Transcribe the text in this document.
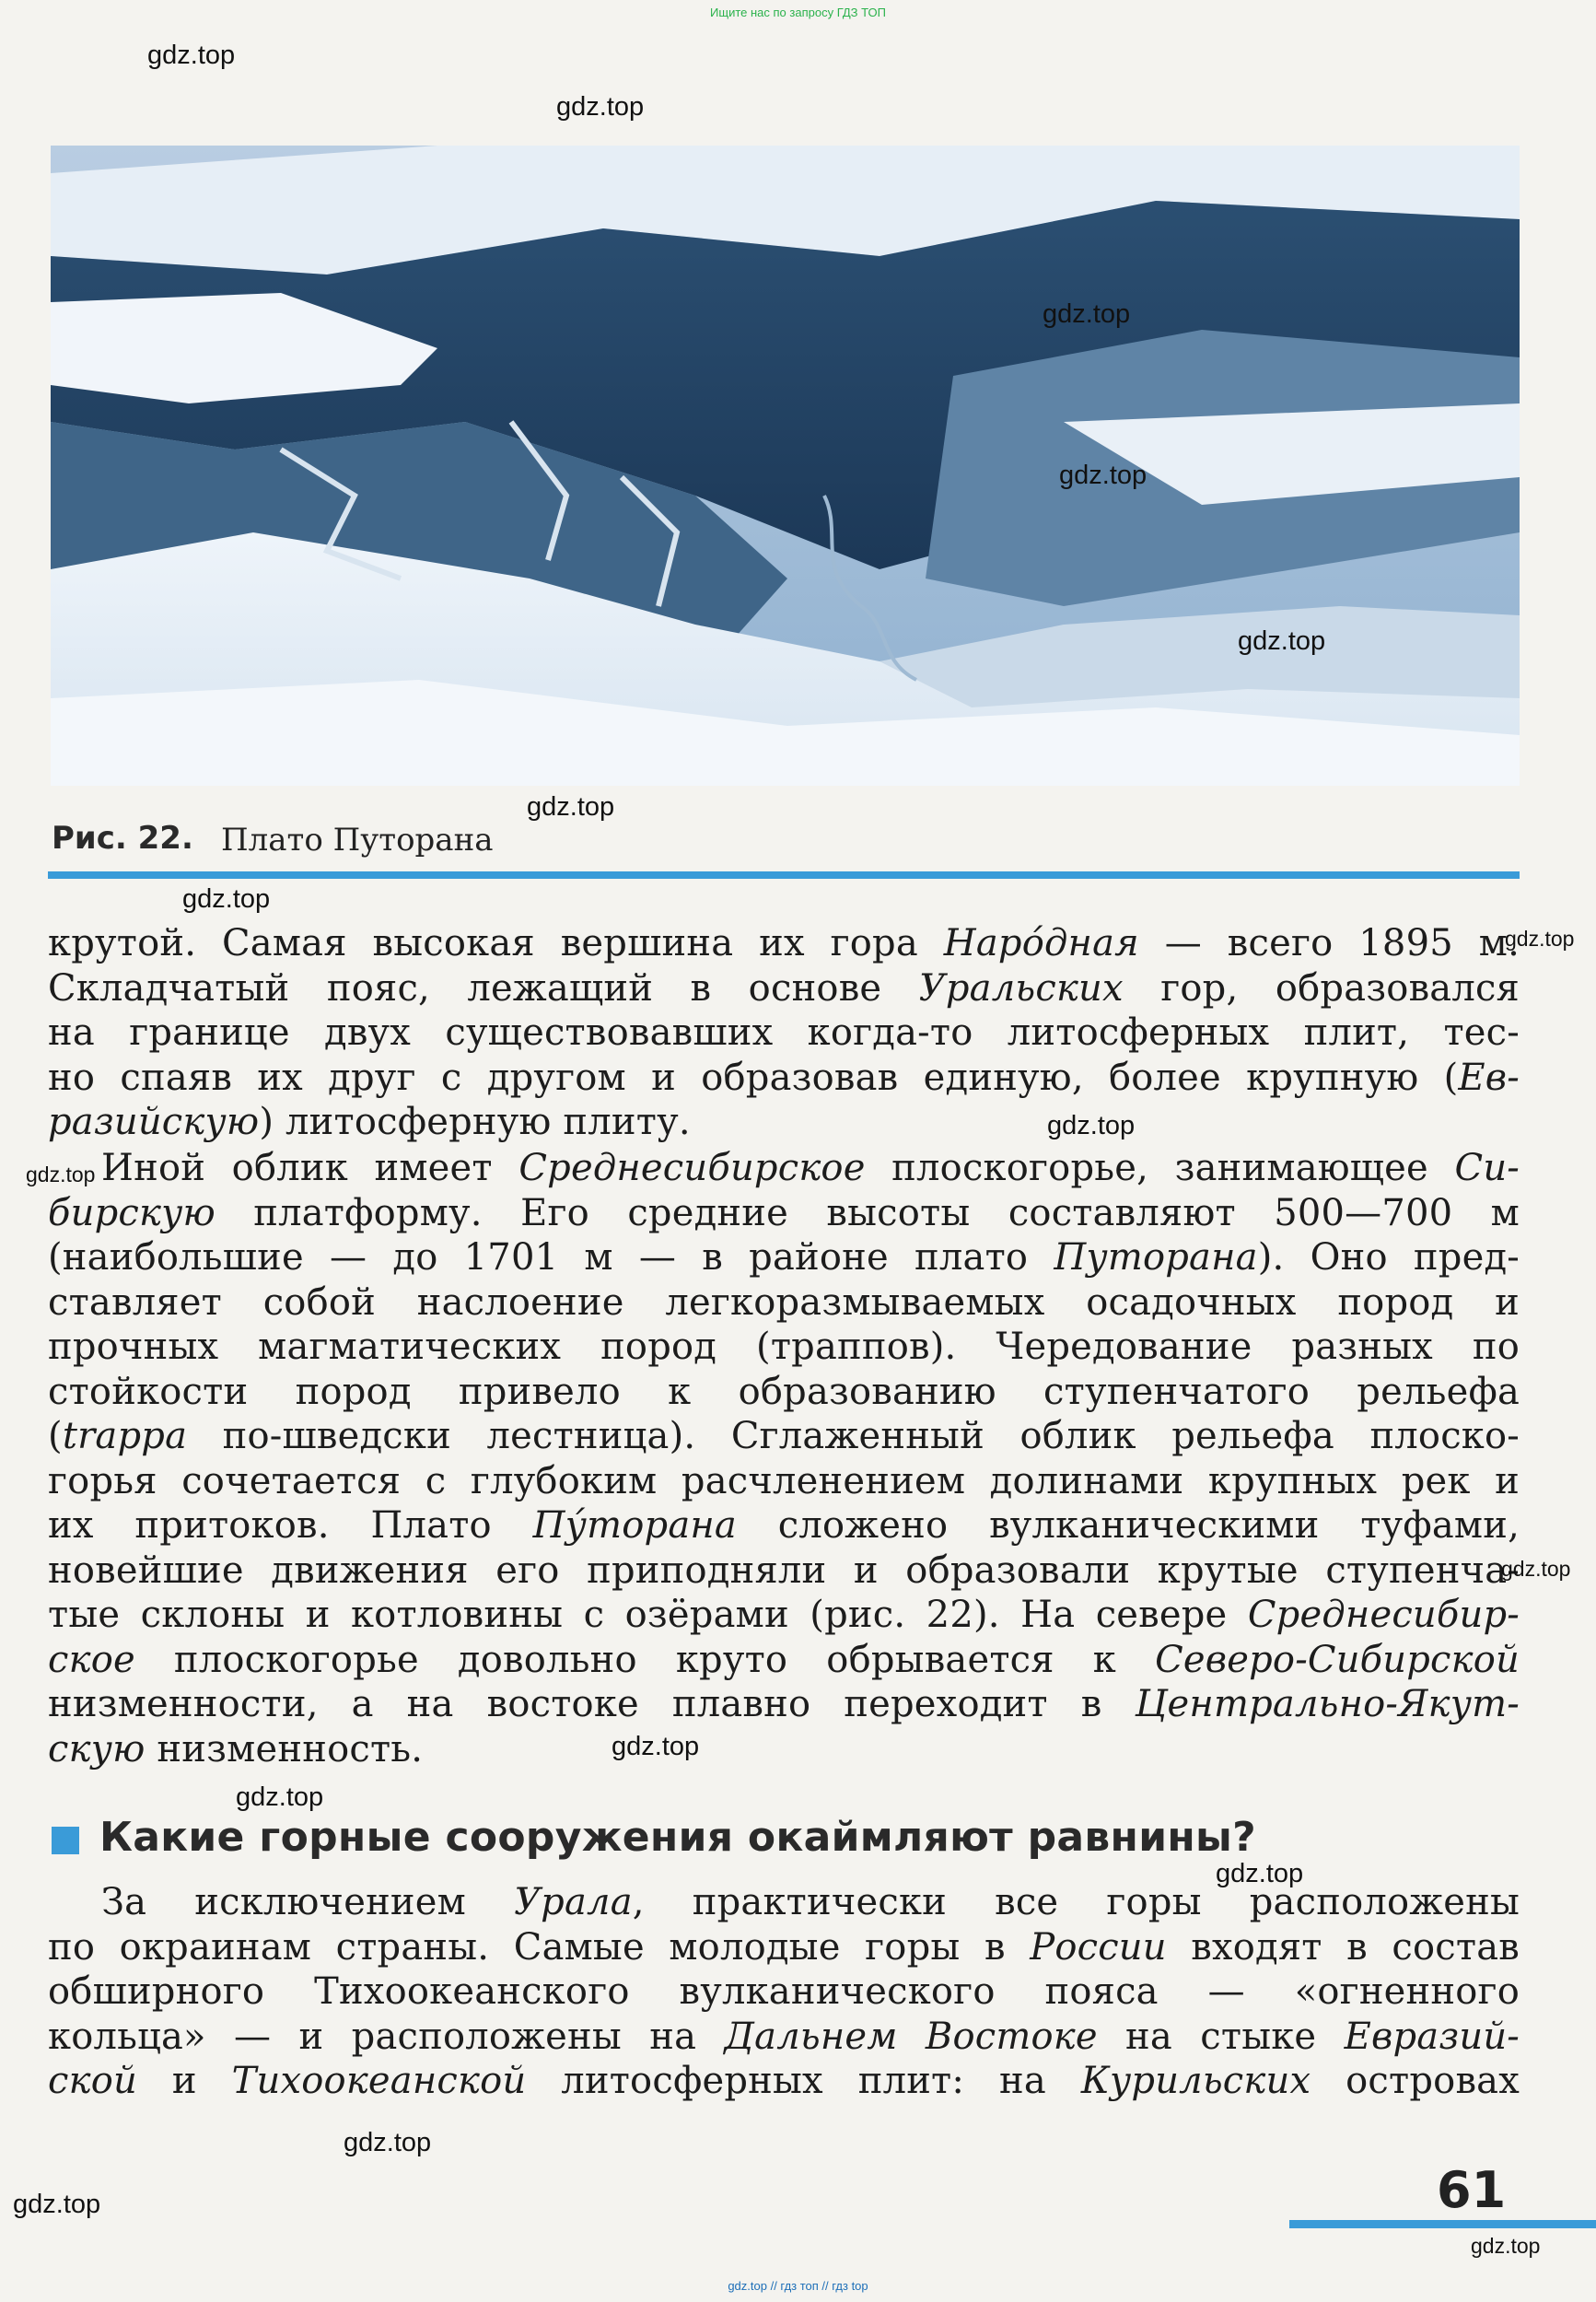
Ищите нас по запросу ГДЗ ТОП
Рис. 22. Плато Путорана

крутой. Самая высокая вершина их гора Наро́дная — всего 1895 м.

Складчатый пояс, лежащий в основе Уральских гор, образовался

на границе двух существовавших когда-то литосферных плит, тес-

но спаяв их друг с другом и образовав единую, более крупную (Ев-

разийскую) литосферную плиту.

Иной облик имеет Среднесибирское плоскогорье, занимающее Си-

бирскую платформу. Его средние высоты составляют 500—700 м

(наибольшие — до 1701 м — в районе плато Путорана). Оно пред-

ставляет собой наслоение легкоразмываемых осадочных пород и

прочных магматических пород (траппов). Чередование разных по

стойкости пород привело к образованию ступенчатого рельефа

(trappa по-шведски лестница). Сглаженный облик рельефа плоско-

горья сочетается с глубоким расчленением долинами крупных рек и

их притоков. Плато Пу́торана сложено вулканическими туфами,

новейшие движения его приподняли и образовали крутые ступенча-

тые склоны и котловины с озёрами (рис. 22). На севере Среднесибир-

ское плоскогорье довольно круто обрывается к Северо-Сибирской

низменности, а на востоке плавно переходит в Центрально-Якут-

скую низменность.

Какие горные сооружения окаймляют равнины?

За исключением Урала, практически все горы расположены

по окраинам страны. Самые молодые горы в России входят в состав

обширного Тихоокеанского вулканического пояса — «огненного

кольца» — и расположены на Дальнем Востоке на стыке Евразий-

ской и Тихоокеанской литосферных плит: на Курильских островах

gdz.top
gdz.top
gdz.top
gdz.top
gdz.top
gdz.top
gdz.top
gdz.top
gdz.top
gdz.top
gdz.top
gdz.top
gdz.top
gdz.top
gdz.top
gdz.top
gdz.top
61
gdz.top // гдз топ // гдз top
